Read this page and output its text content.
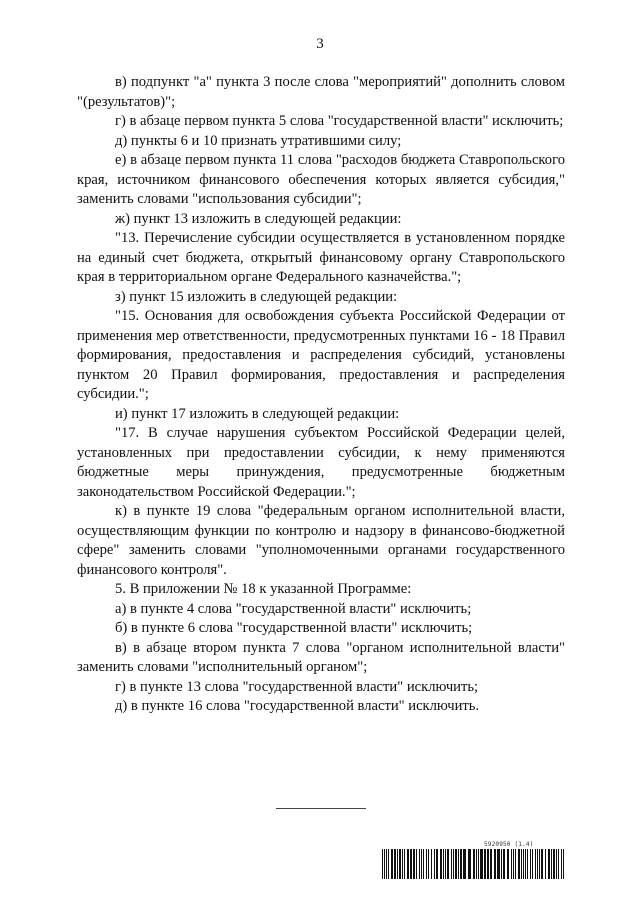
3

в) подпункт "а" пункта 3 после слова "мероприятий" дополнить словом "(результатов)";

г) в абзаце первом пункта 5 слова "государственной власти" исключить;

д) пункты 6 и 10 признать утратившими силу;

е) в абзаце первом пункта 11 слова "расходов бюджета Ставропольского края, источником финансового обеспечения которых является субсидия," заменить словами "использования субсидии";

ж) пункт 13 изложить в следующей редакции:

"13. Перечисление субсидии осуществляется в установленном порядке на единый счет бюджета, открытый финансовому органу Ставропольского края в территориальном органе Федерального казначейства.";

з) пункт 15 изложить в следующей редакции:

"15. Основания для освобождения субъекта Российской Федерации от применения мер ответственности, предусмотренных пунктами 16 - 18 Правил формирования, предоставления и распределения субсидий, установлены пунктом 20 Правил формирования, предоставления и распределения субсидии.";

и) пункт 17 изложить в следующей редакции:

"17. В случае нарушения субъектом Российской Федерации целей, установленных при предоставлении субсидии, к нему применяются бюджетные меры принуждения, предусмотренные бюджетным законодательством Российской Федерации.";

к) в пункте 19 слова "федеральным органом исполнительной власти, осуществляющим функции по контролю и надзору в финансово-бюджетной сфере" заменить словами "уполномоченными органами государственного финансового контроля".

5. В приложении № 18 к указанной Программе:

а) в пункте 4 слова "государственной власти" исключить;

б) в пункте 6 слова "государственной власти" исключить;

в) в абзаце втором пункта 7 слова "органом исполнительной власти" заменить словами "исполнительный органом";

г) в пункте 13 слова "государственной власти" исключить;

д) в пункте 16 слова "государственной власти" исключить.

5920950 (1.4)
